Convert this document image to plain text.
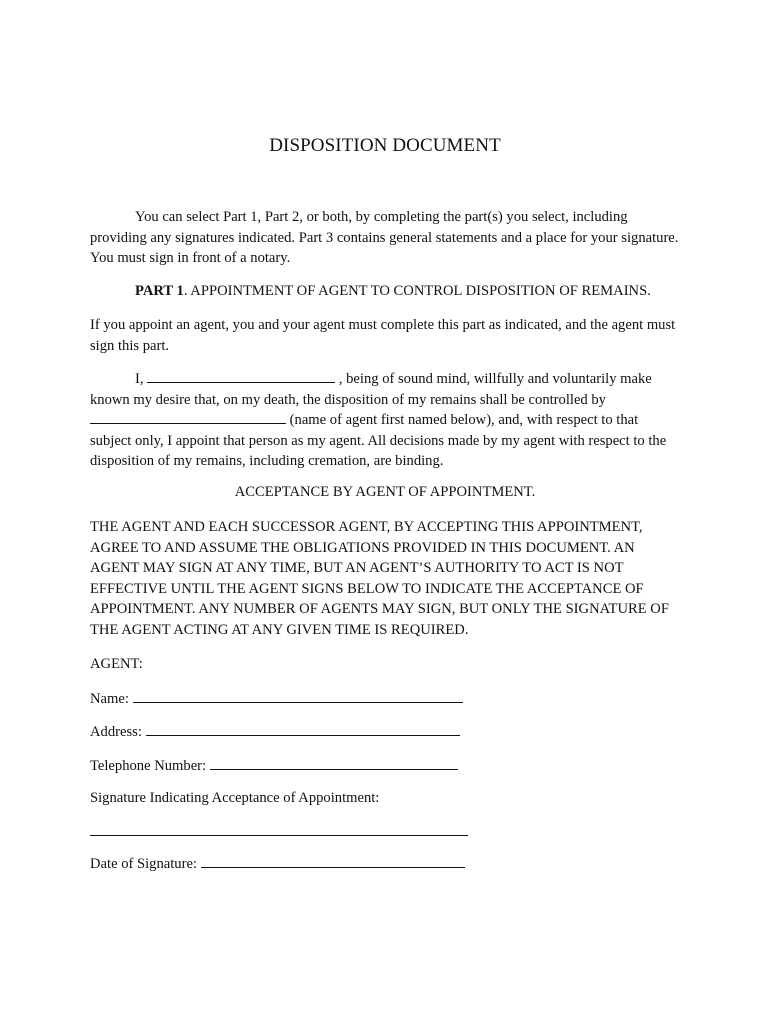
DISPOSITION DOCUMENT

You can select Part 1, Part 2, or both, by completing the part(s) you select, including providing any signatures indicated. Part 3 contains general statements and a place for your signature. You must sign in front of a notary.

PART 1. APPOINTMENT OF AGENT TO CONTROL DISPOSITION OF REMAINS.

If you appoint an agent, you and your agent must complete this part as indicated, and the agent must sign this part.

I,	, being of sound mind, willfully and voluntarily make known my desire that, on my death, the disposition of my remains shall be controlled by  (name of agent first named below), and, with respect to that subject only, I appoint that person as my agent. All decisions made by my agent with respect to the disposition of my remains, including cremation, are binding.

ACCEPTANCE BY AGENT OF APPOINTMENT.

THE AGENT AND EACH SUCCESSOR AGENT, BY ACCEPTING THIS APPOINTMENT, AGREE TO AND ASSUME THE OBLIGATIONS PROVIDED IN THIS DOCUMENT. AN AGENT MAY SIGN AT ANY TIME, BUT AN AGENT’S AUTHORITY TO ACT IS NOT EFFECTIVE UNTIL THE AGENT SIGNS BELOW TO INDICATE THE ACCEPTANCE OF APPOINTMENT. ANY NUMBER OF AGENTS MAY SIGN, BUT ONLY THE SIGNATURE OF THE AGENT ACTING AT ANY GIVEN TIME IS REQUIRED.

AGENT:
Name:
Address:
Telephone Number:
Signature Indicating Acceptance of Appointment:
Date of Signature:
